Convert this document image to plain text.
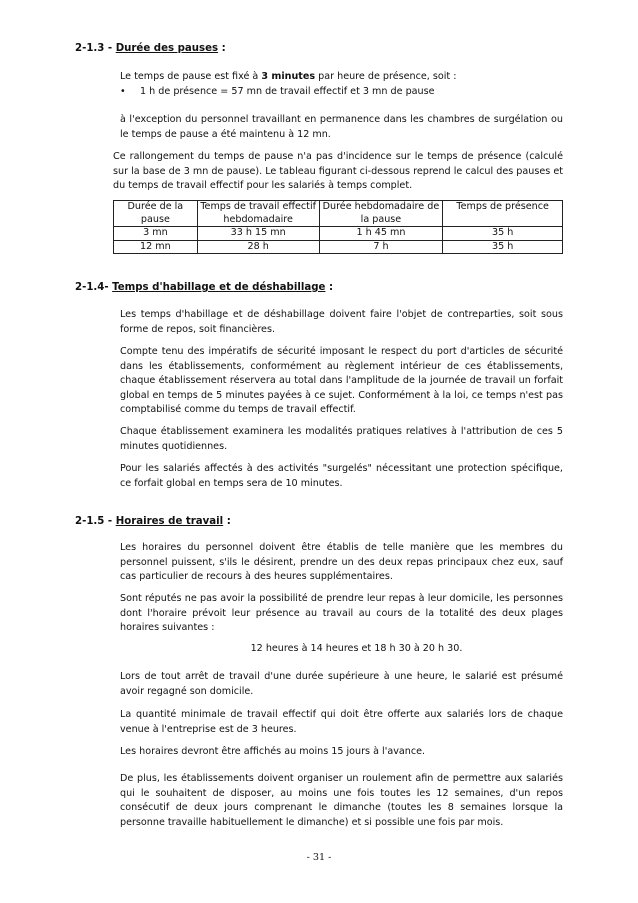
2-1.3 - Durée des pauses :
Le temps de pause est fixé à 3 minutes par heure de présence, soit :
• 1 h de présence = 57 mn de travail effectif et 3 mn de pause
à l'exception du personnel travaillant en permanence dans les chambres de surgélation ou le temps de pause a été maintenu à 12 mn.
Ce rallongement du temps de pause n'a pas d'incidence sur le temps de présence (calculé sur la base de 3 mn de pause). Le tableau figurant ci-dessous reprend le calcul des pauses et du temps de travail effectif pour les salariés à temps complet.
Durée de la pause	Temps de travail effectif hebdomadaire	Durée hebdomadaire de la pause	Temps de présence
3 mn	33 h 15 mn	1 h 45 mn	35 h
12 mn	28 h	7 h	35 h
2-1.4- Temps d'habillage et de déshabillage :
Les temps d'habillage et de déshabillage doivent faire l'objet de contreparties, soit sous forme de repos, soit financières.
Compte tenu des impératifs de sécurité imposant le respect du port d'articles de sécurité dans les établissements, conformément au règlement intérieur de ces établissements, chaque établissement réservera au total dans l'amplitude de la journée de travail un forfait global en temps de 5 minutes payées à ce sujet. Conformément à la loi, ce temps n'est pas comptabilisé comme du temps de travail effectif.
Chaque établissement examinera les modalités pratiques relatives à l'attribution de ces 5 minutes quotidiennes.
Pour les salariés affectés à des activités "surgelés" nécessitant une protection spécifique, ce forfait global en temps sera de 10 minutes.
2-1.5 - Horaires de travail :
Les horaires du personnel doivent être établis de telle manière que les membres du personnel puissent, s'ils le désirent, prendre un des deux repas principaux chez eux, sauf cas particulier de recours à des heures supplémentaires.
Sont réputés ne pas avoir la possibilité de prendre leur repas à leur domicile, les personnes dont l'horaire prévoit leur présence au travail au cours de la totalité des deux plages horaires suivantes :
12 heures à 14 heures et 18 h 30 à 20 h 30.
Lors de tout arrêt de travail d'une durée supérieure à une heure, le salarié est présumé avoir regagné son domicile.
La quantité minimale de travail effectif qui doit être offerte aux salariés lors de chaque venue à l'entreprise est de 3 heures.
Les horaires devront être affichés au moins 15 jours à l'avance.
De plus, les établissements doivent organiser un roulement afin de permettre aux salariés qui le souhaitent de disposer, au moins une fois toutes les 12 semaines, d'un repos consécutif de deux jours comprenant le dimanche (toutes les 8 semaines lorsque la personne travaille habituellement le dimanche) et si possible une fois par mois.
- 31 -
